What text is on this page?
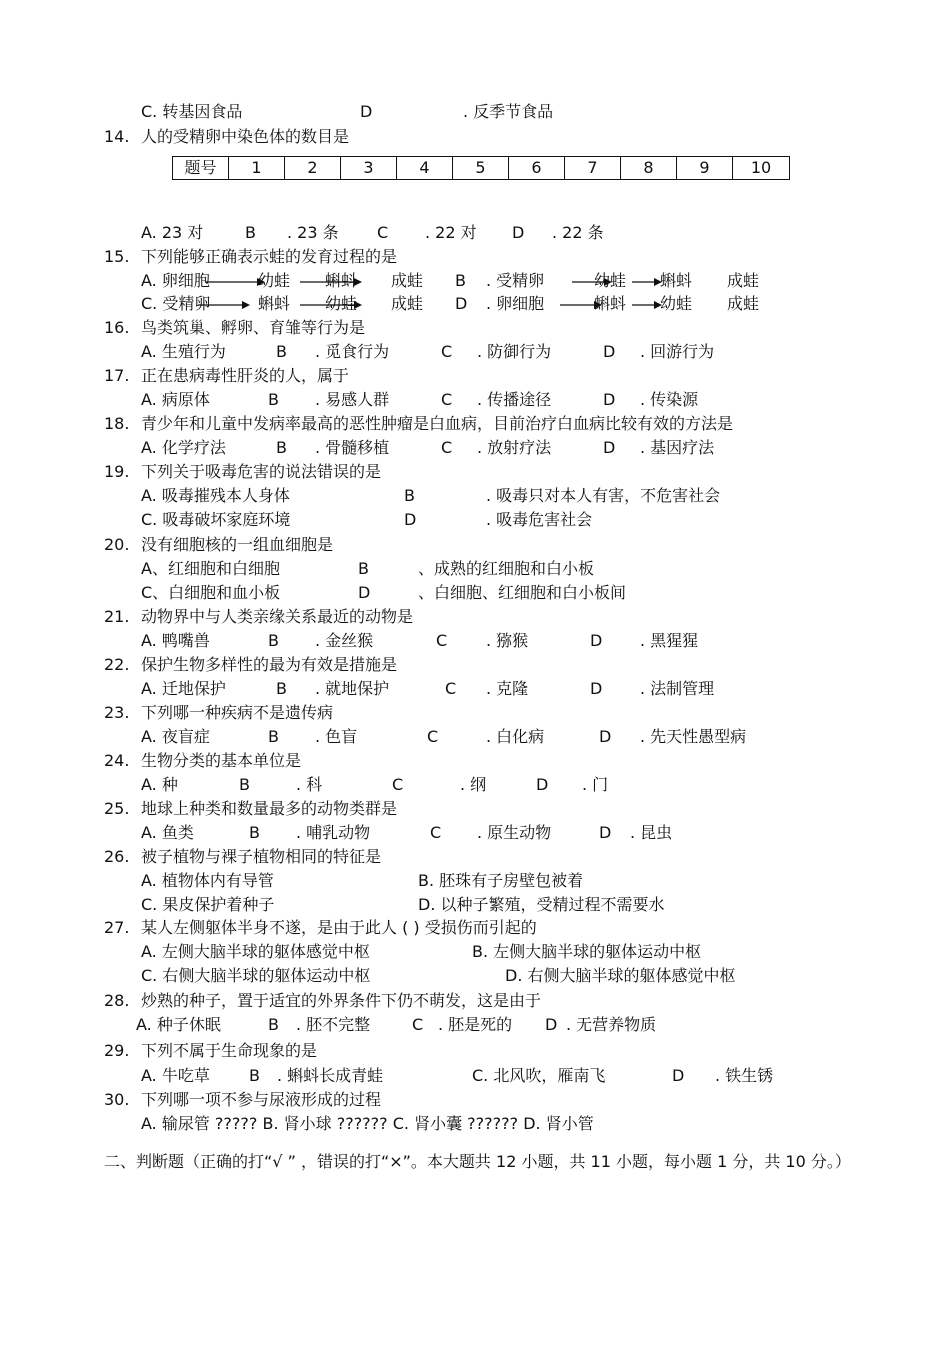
C. 转基因食品	D	. 反季节食品
14. 人的受精卵中染色体的数目是
题号	1	2	3	4	5	6	7	8	9	10
A. 23 对	B . 23 条 C . 22 对 D . 22 条
15. 下列能够正确表示蛙的发育过程的是
A. 卵细胞	幼蛙 蝌蚪 成蛙 B . 受精卵	幼蛙 蝌蚪 成蛙
C. 受精卵	蝌蚪 幼蛙 成蛙 D . 卵细胞	蝌蚪 幼蛙 成蛙
16. 鸟类筑巢、孵卵、育雏等行为是
A. 生殖行为	B . 觅食行为	C . 防御行为	D . 回游行为
17. 正在患病毒性肝炎的人，属于
A. 病原体	B . 易感人群	C . 传播途径	D . 传染源
18. 青少年和儿童中发病率最高的恶性肿瘤是白血病，目前治疗白血病比较有效的方法是
A. 化学疗法	B . 骨髓移植	C . 放射疗法	D . 基因疗法
19. 下列关于吸毒危害的说法错误的是
A. 吸毒摧残本人身体	B	. 吸毒只对本人有害，不危害社会
C. 吸毒破坏家庭环境	D	. 吸毒危害社会
20. 没有细胞核的一组血细胞是
A、红细胞和白细胞	B	、成熟的红细胞和白小板
C、白细胞和血小板	D	、白细胞、红细胞和白小板间
21. 动物界中与人类亲缘关系最近的动物是
A. 鸭嘴兽	B . 金丝猴	C . 猕猴	D . 黑猩猩
22. 保护生物多样性的最为有效是措施是
A. 迁地保护	B . 就地保护	C . 克隆	D . 法制管理
23. 下列哪一种疾病不是遗传病
A. 夜盲症	B . 色盲	C	. 白化病	D . 先天性愚型病
24. 生物分类的基本单位是
A. 种	B	. 科	C	. 纲	D . 门
25. 地球上种类和数量最多的动物类群是
A. 鱼类	B . 哺乳动物	C . 原生动物	D . 昆虫
26. 被子植物与裸子植物相同的特征是
A. 植物体内有导管	B. 胚珠有子房壁包被着
C. 果皮保护着种子	D. 以种子繁殖，受精过程不需要水
27. 某人左侧躯体半身不遂，是由于此人 ( ) 受损伤而引起的
A. 左侧大脑半球的躯体感觉中枢	B. 左侧大脑半球的躯体运动中枢
C. 右侧大脑半球的躯体运动中枢	D. 右侧大脑半球的躯体感觉中枢
28. 炒熟的种子，置于适宜的外界条件下仍不萌发，这是由于
A. 种子休眠	B . 胚不完整	C . 胚是死的 D . 无营养物质
29. 下列不属于生命现象的是
A. 牛吃草 B . 蝌蚪长成青蛙	C. 北风吹，雁南飞	D . 铁生锈
30. 下列哪一项不参与尿液形成的过程
A. 输尿管 ????? B. 肾小球 ?????? C. 肾小囊 ?????? D. 肾小管
二、判断题（正确的打“√ ” ，错误的打“×”。本大题共 12 小题，共 11 小题，每小题 1 分，共 10 分。）
